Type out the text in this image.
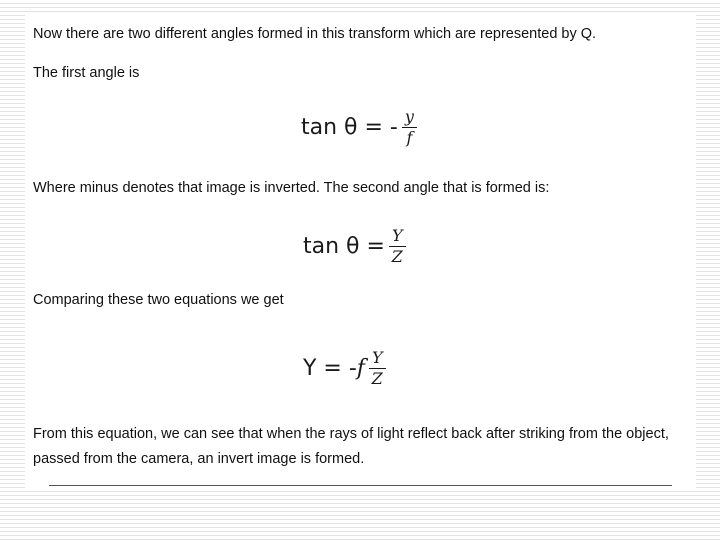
Now there are two different angles formed in this transform which are represented by Q.

The first angle is

tan θ = - $\frac{y}{f}$

Where minus denotes that image is inverted. The second angle that is formed is:

$\tan \theta = \frac{Y}{Z}$

Comparing these two equations we get

Y = - f $\frac{Y}{Z}$

From this equation, we can see that when the rays of light reflect back after striking from the object, passed from the camera, an invert image is formed.
